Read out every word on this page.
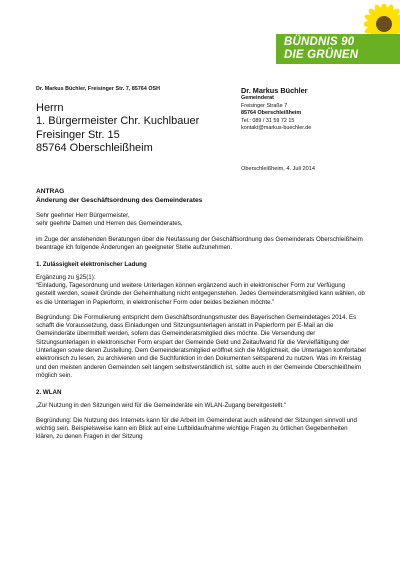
BÜNDNIS 90
DIE GRÜNEN
Dr. Markus Büchler, Freisinger Str. 7, 85764 OSH
Herrn
1. Bürgermeister Chr. Kuchlbauer
Freisinger Str. 15
85764 Oberschleißheim
Dr. Markus Büchler
Gemeinderat
Freisinger Straße 7
85764 Oberschleißheim
Tel.: 089 / 31 59 72 15
kontakt@markus-buechler.de
Oberschleißheim, 4. Juli 2014

ANTRAG

Änderung der Geschäftsordnung des Gemeinderates

Sehr geehrter Herr Bürgermeister,

sehr geehrte Damen und Herren des Gemeinderates,

im Zuge der anstehenden Beratungen über die Neufassung der Geschäftsordnung des Gemeinderats Oberschleißheim beantrage ich folgende Änderungen an geeigneter Stelle aufzunehmen.

1. Zulässigkeit elektronischer Ladung

Ergänzung zu §25(1):

“Einladung, Tagesordnung und weitere Unterlagen können ergänzend auch in elektronischer Form zur Verfügung gestellt werden, soweit Gründe der Geheimhaltung nicht entgegenstehen. Jedes Gemeinderatsmitglied kann wählen, ob es die Unterlagen in Papierform, in elektronischer Form oder beides beziehen möchte.”

Begründung: Die Formulierung entspricht dem Geschäftsordnungsmuster des Bayerischen Gemeindetages 2014. Es schafft die Voraussetzung, dass Einladungen und Sitzungsunterlagen anstatt in Papierform per E-Mail an die Gemeinderäte übermittelt werden, sofern das Gemeinderatsmitglied dies möchte. Die Versendung der Sitzungsunterlagen in elektronischer Form erspart der Gemeinde Geld und Zeitaufwand für die Vervielfältigung der Unterlagen sowie deren Zustellung. Dem Gemeinderatsmitglied eröffnet sich die Möglichkeit, die Unterlagen komfortabel elektronisch zu lesen, zu archivieren und die Suchfunktion in den Dokumenten seitsparend zu nutzen. Was im Kreistag und den meisten anderen Gemeinden seit langem selbstverständlich ist, sollte auch in der Gemeinde Oberschleißheim möglich sein.

2. WLAN

„Zur Nutzung in den Sitzungen wird für die Gemeinderäte ein WLAN-Zugang bereitgestellt.“

Begründung: Die Nutzung des Internets kann für die Arbeit im Gemeinderat auch während der Sitzungen sinnvoll und wichtig sein. Beispielsweise kann ein Blick auf eine Luftbildaufnahme wichtige Fragen zu örtlichen Gegebenheiten klären, zu denen Fragen in der Sitzung
